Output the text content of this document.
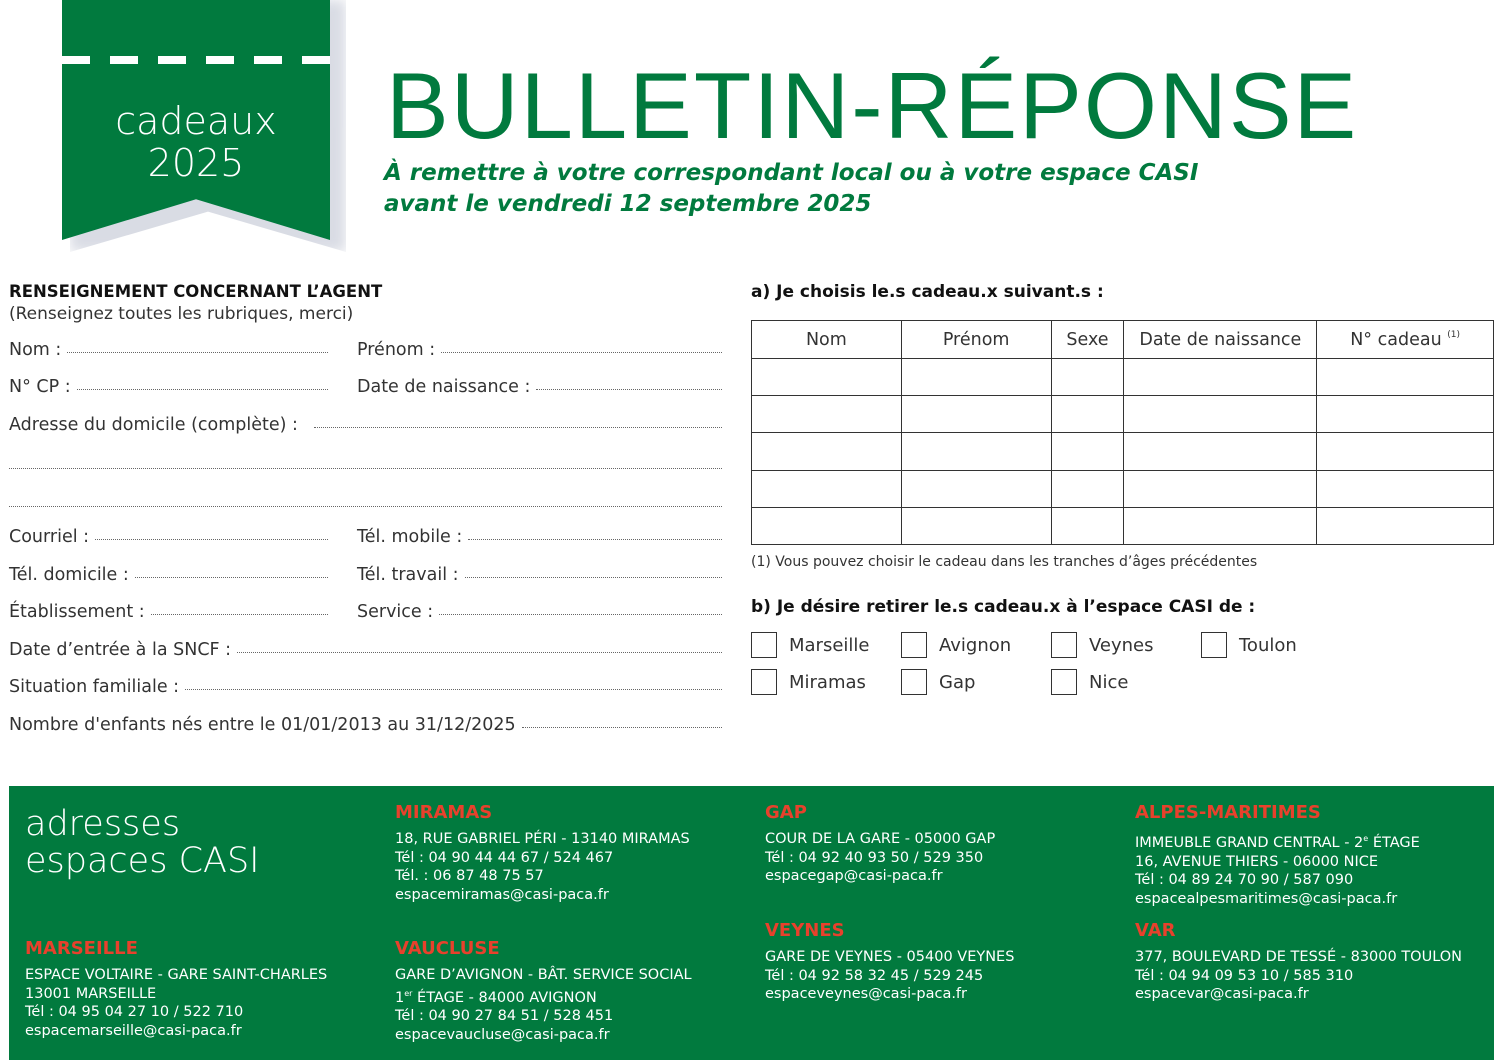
cadeaux
2025
BULLETIN-RÉPONSE
À remettre à votre correspondant local ou à votre espace CASI
avant le vendredi 12 septembre 2025
RENSEIGNEMENT CONCERNANT L’AGENT
(Renseignez toutes les rubriques, merci)
Nom :	Prénom :
N° CP :	Date de naissance :
Adresse du domicile (complète) :
Courriel :	Tél. mobile :
Tél. domicile :	Tél. travail :
Établissement :	Service :
Date d’entrée à la SNCF :
Situation familiale :
Nombre d'enfants nés entre le 01/01/2013 au 31/12/2025
a) Je choisis le.s cadeau.x suivant.s :
Nom	Prénom	Sexe	Date de naissance	N° cadeau $^{(1)}$

(1) Vous pouvez choisir le cadeau dans les tranches d’âges précédentes
b) Je désire retirer le.s cadeau.x à l’espace CASI de :
Marseille	Avignon	Veynes	Toulon
Miramas	Gap	Nice
adresses
espaces CASI
MARSEILLE
ESPACE VOLTAIRE - GARE SAINT-CHARLES
13001 MARSEILLE
Tél : 04 95 04 27 10 / 522 710
espacemarseille@casi-paca.fr
MIRAMAS
18, RUE GABRIEL PÉRI - 13140 MIRAMAS
Tél : 04 90 44 44 67 / 524 467
Tél. : 06 87 48 75 57
espacemiramas@casi-paca.fr
VAUCLUSE
GARE D’AVIGNON - BÂT. SERVICE SOCIAL
1er ÉTAGE - 84000 AVIGNON
Tél : 04 90 27 84 51 / 528 451
espacevaucluse@casi-paca.fr
GAP
COUR DE LA GARE - 05000 GAP
Tél : 04 92 40 93 50 / 529 350
espacegap@casi-paca.fr
VEYNES
GARE DE VEYNES - 05400 VEYNES
Tél : 04 92 58 32 45 / 529 245
espaceveynes@casi-paca.fr
ALPES-MARITIMES
IMMEUBLE GRAND CENTRAL - 2e ÉTAGE
16, AVENUE THIERS - 06000 NICE
Tél : 04 89 24 70 90 / 587 090
espacealpesmaritimes@casi-paca.fr
VAR
377, BOULEVARD DE TESSÉ - 83000 TOULON
Tél : 04 94 09 53 10 / 585 310
espacevar@casi-paca.fr
